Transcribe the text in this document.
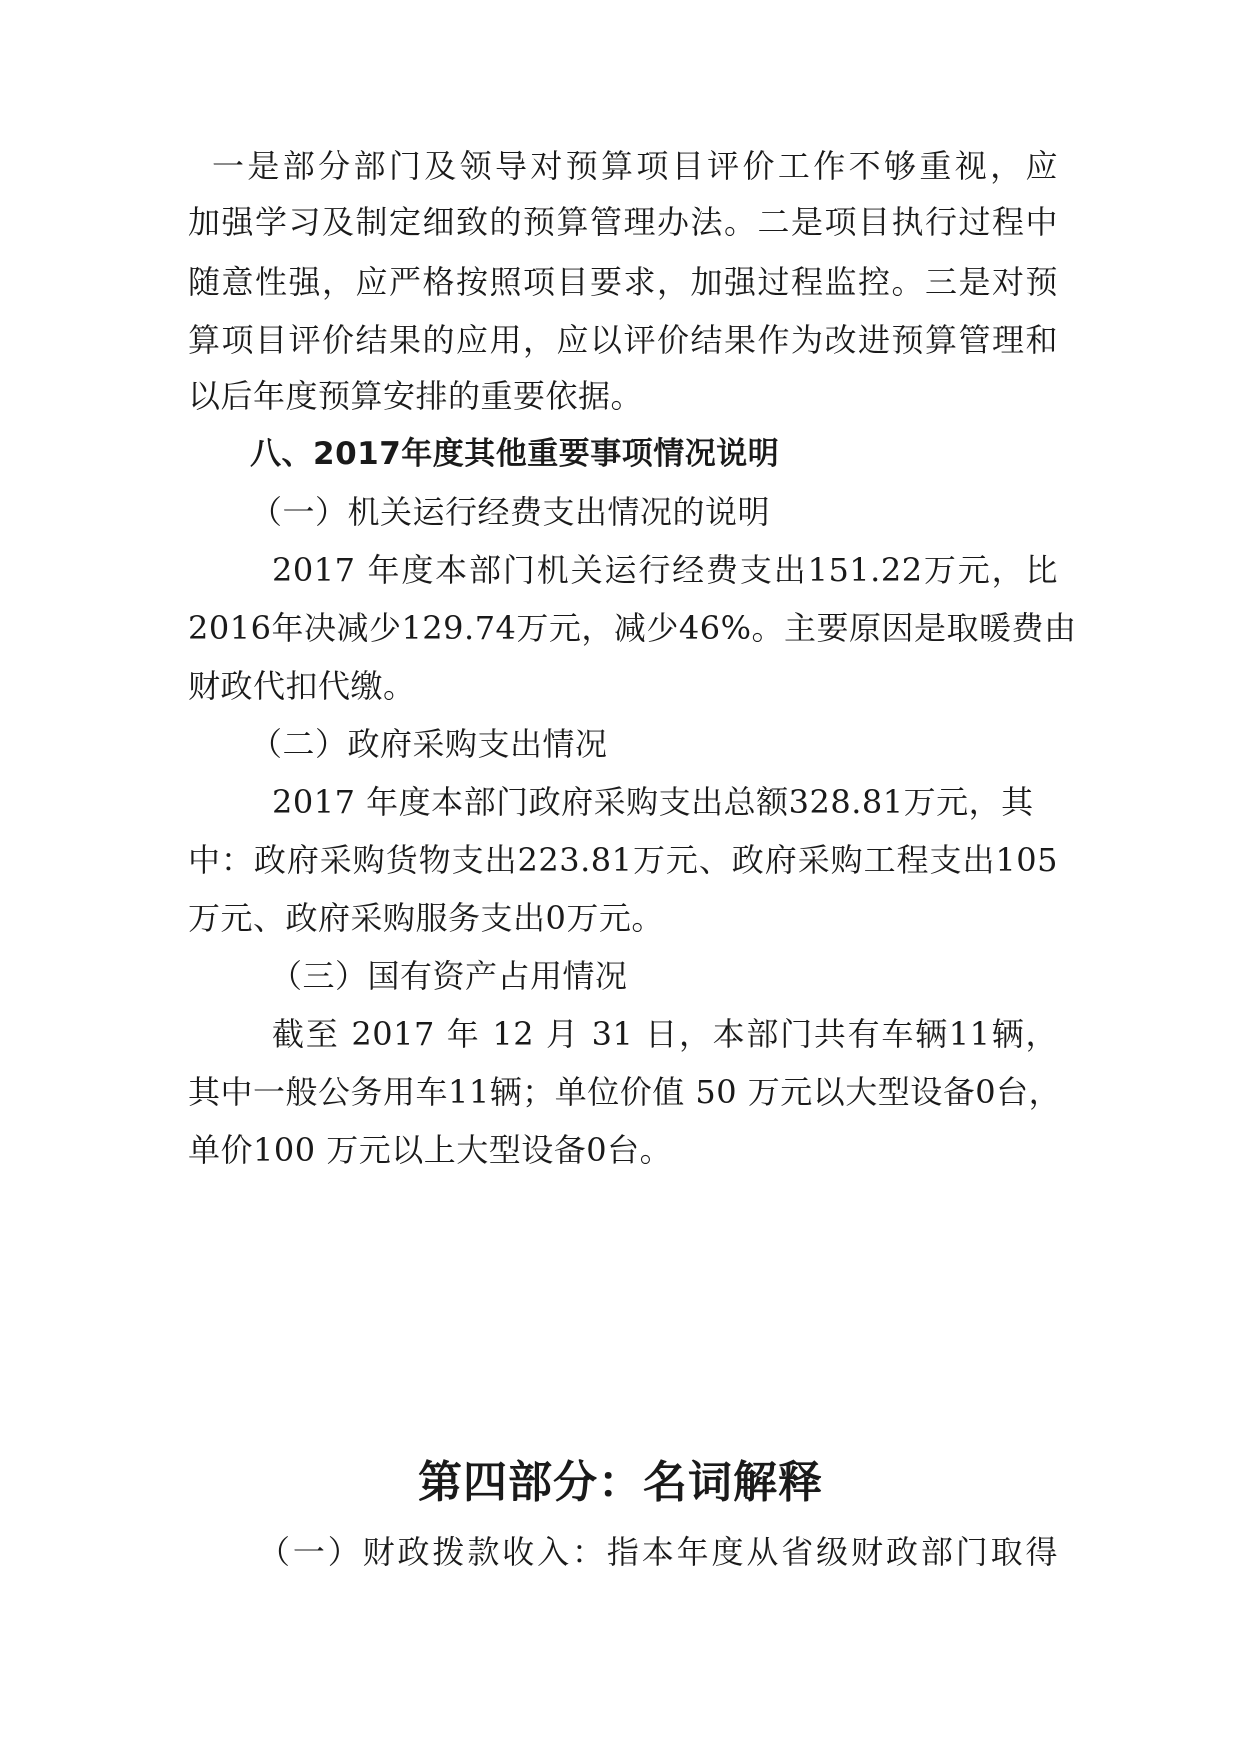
一是部分部门及领导对预算项目评价工作不够重视，应
加强学习及制定细致的预算管理办法。二是项目执行过程中
随意性强，应严格按照项目要求，加强过程监控。三是对预
算项目评价结果的应用，应以评价结果作为改进预算管理和
以后年度预算安排的重要依据。
八、2017年度其他重要事项情况说明
（一）机关运行经费支出情况的说明
2017 年度本部门机关运行经费支出151.22万元，比
2016年决减少129.74万元，减少46%。主要原因是取暖费由
财政代扣代缴。
（二）政府采购支出情况
2017 年度本部门政府采购支出总额328.81万元，其
中：政府采购货物支出223.81万元、政府采购工程支出105
万元、政府采购服务支出0万元。
（三）国有资产占用情况
截至 2017 年 12 月 31 日，本部门共有车辆11辆，
其中一般公务用车11辆；单位价值 50 万元以大型设备0台，
单价100 万元以上大型设备0台。
第四部分：名词解释
（一）财政拨款收入：指本年度从省级财政部门取得
